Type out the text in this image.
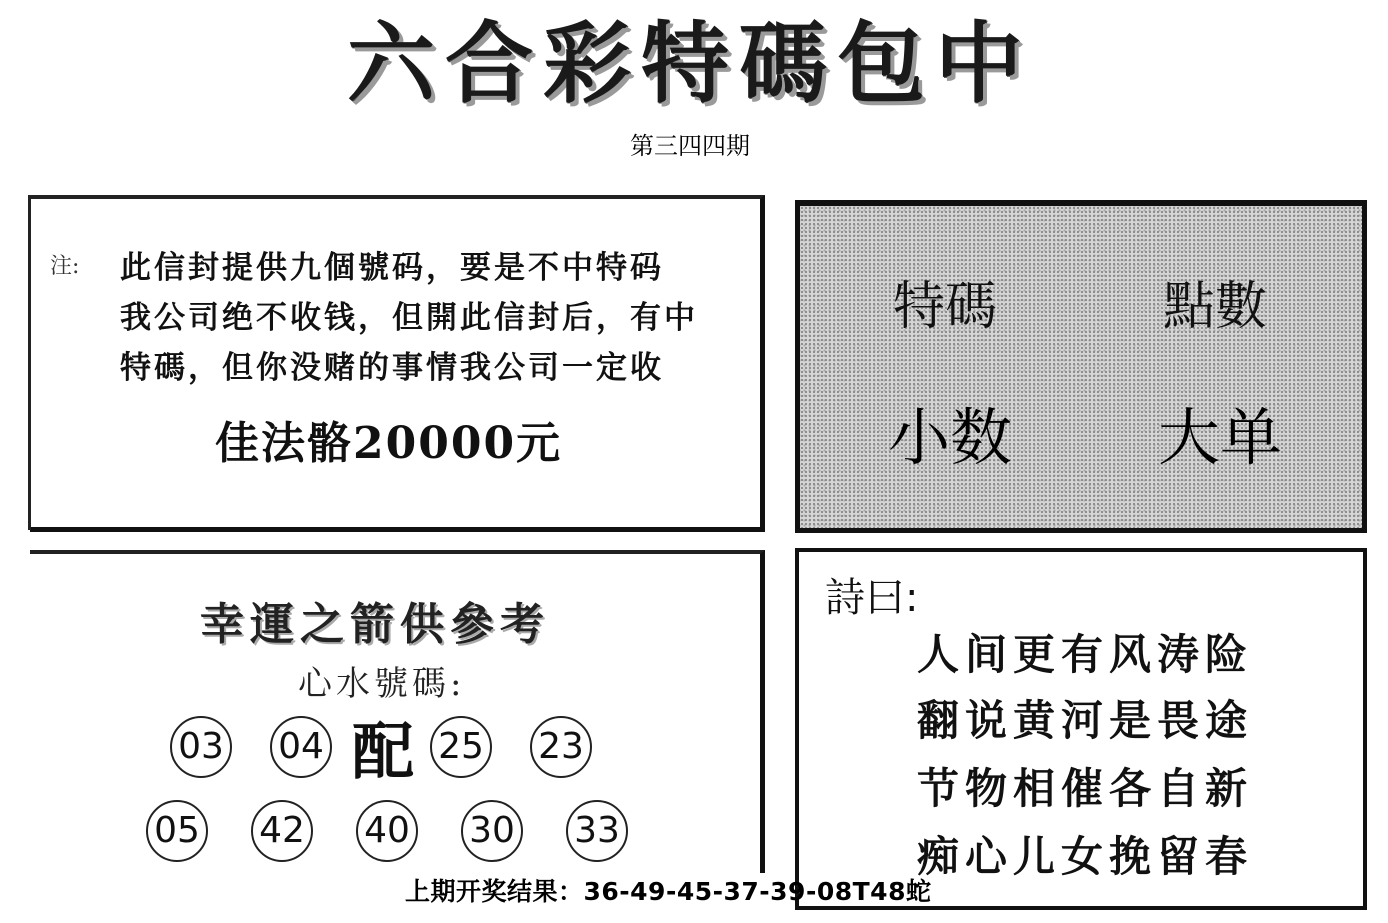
六合彩特碼包中
第三四四期
注: 此信封提供九個號码，要是不中特码
我公司绝不收钱，但開此信封后，有中
特碼，但你没赌的事情我公司一定收
佳法骼20000元
特碼	點數
小数 大单
幸運之箭供參考
心水號碼:
03 04 配 25 23
05 42 40 30 33
詩曰:
人间更有风涛险
翻说黄河是畏途
节物相催各自新
痴心儿女挽留春
上期开奖结果：36-49-45-37-39-08T48蛇
